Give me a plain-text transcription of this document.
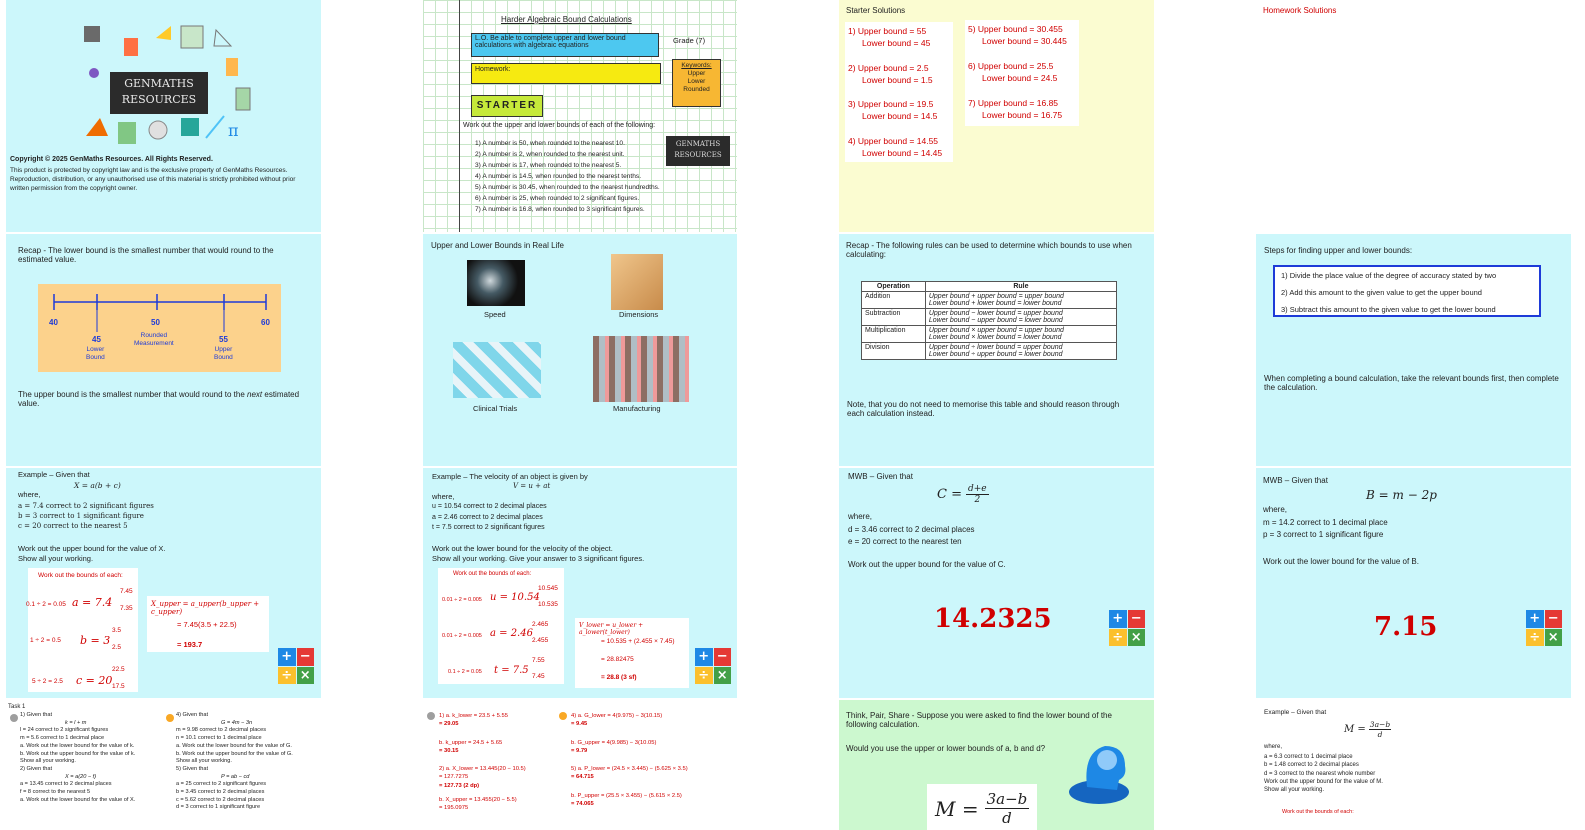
π
GENMATHS
RESOURCES
Copyright © 2025 GenMaths Resources. All Rights Reserved.
This product is protected by copyright law and is the exclusive property of GenMaths Resources. Reproduction, distribution, or any unauthorised use of this material is strictly prohibited without prior written permission from the copyright owner.
Harder Algebraic Bound Calculations
L.O. Be able to complete upper and lower bound calculations with algebraic equations
Grade (7)
Homework:
Keywords:
Upper
Lower
Rounded
STARTER
Work out the upper and lower bounds of each of the following:
1) A number is 50, when rounded to the nearest 10.
2) A number is 2, when rounded to the nearest unit.
3) A number is 17, when rounded to the nearest 5.
4) A number is 14.5, when rounded to the nearest tenths.
5) A number is 30.45, when rounded to the nearest hundredths.
6) A number is 25, when rounded to 2 significant figures.
7) A number is 16.8, when rounded to 3 significant figures.
GENMATHS
RESOURCES
Starter Solutions
1) Upper bound = 55
Lower bound = 45
2) Upper bound = 2.5
Lower bound = 1.5
3) Upper bound = 19.5
Lower bound = 14.5
4) Upper bound = 14.55
Lower bound = 14.45
5) Upper bound = 30.455
Lower bound = 30.445
6) Upper bound = 25.5
Lower bound = 24.5
7) Upper bound = 16.85
Lower bound = 16.75
Homework Solutions
Recap - The lower bound is the smallest number that would round to the estimated value.
40
45
Lower
Bound
50
Rounded
Measurement	55
Upper
Bound
60
The upper bound is the smallest number that would round to the next estimated value.
Upper and Lower Bounds in Real Life
Speed	Dimensions
Clinical Trials	Manufacturing
Recap - The following rules can be used to determine which bounds to use when calculating:
Operation	Rule
Addition	Upper bound + upper bound = upper bound
Lower bound + lower bound = lower bound

Subtraction	Upper bound − lower bound = upper bound
Lower bound − upper bound = lower bound

Multiplication	Upper bound × upper bound = upper bound
Lower bound × lower bound = lower bound

Division	Upper bound ÷ lower bound = upper bound
Lower bound ÷ upper bound = lower bound
Note, that you do not need to memorise this table and should reason through each calculation instead.
Steps for finding upper and lower bounds:
1) Divide the place value of the degree of accuracy stated by two
2) Add this amount to the given value to get the upper bound
3) Subtract this amount to the given value to get the lower bound
When completing a bound calculation, take the relevant bounds first, then complete the calculation.
Example – Given that
X = a(b + c)
where,
a = 7.4 correct to 2 significant figures
b = 3 correct to 1 significant figure
c = 20 correct to the nearest 5
Work out the upper bound for the value of X.
Show all your working.
Work out the bounds of each:
0.1 ÷ 2 = 0.05 a = 7.4
7.45
7.35
1 ÷ 2 = 0.5 b = 3
3.5
2.5
5 ÷ 2 = 2.5 c = 20
22.5
17.5
X_upper = a_upper(b_upper + c_upper)
= 7.45(3.5 + 22.5)
= 193.7
+ −
÷ ×
Example – The velocity of an object is given by
V = u + at
where,
u = 10.54 correct to 2 decimal places
a = 2.46 correct to 2 decimal places
t = 7.5 correct to 2 significant figures
Work out the lower bound for the velocity of the object.
Show all your working. Give your answer to 3 significant figures.
Work out the bounds of each:
0.01 ÷ 2 = 0.005 u = 10.54
10.545
10.535
0.01 ÷ 2 = 0.005 a = 2.46
2.465
2.455
0.1 ÷ 2 = 0.05 t = 7.5
7.55
7.45
V_lower = u_lower + a_lower(t_lower)
= 10.535 + (2.455 × 7.45)
= 28.82475
= 28.8 (3 sf)
+ −
÷ ×
MWB – Given that
$C = \frac{d+e}{2}$
where,
d = 3.46 correct to 2 decimal places
e = 20 correct to the nearest ten
Work out the upper bound for the value of C.
14.2325	+ −
÷ ×
MWB – Given that
B = m − 2p
where,
m = 14.2 correct to 1 decimal place
p = 3 correct to 1 significant figure
Work out the lower bound for the value of B.
7.15	+ −
÷ ×
Task 1
1) Given that
k = l + m
l = 24 correct to 2 significant figures
m = 5.6 correct to 1 decimal place
a. Work out the lower bound for the value of k.
b. Work out the upper bound for the value of k.
Show all your working.
2) Given that
X = a(20 − f)
a = 13.45 correct to 2 decimal places
f = 8 correct to the nearest 5
a. Work out the lower bound for the value of X.
4) Given that
G = 4m − 3n
m = 9.98 correct to 2 decimal places
n = 10.1 correct to 1 decimal place
a. Work out the lower bound for the value of G.
b. Work out the upper bound for the value of G.
Show all your working.
5) Given that
P = ab − cd
a = 25 correct to 2 significant figures
b = 3.45 correct to 2 decimal places
c = 5.62 correct to 2 decimal places
d = 3 correct to 1 significant figure
1) a. k_lower = 23.5 + 5.55
= 29.05
b. k_upper = 24.5 + 5.65
= 30.15
2) a. X_lower = 13.445(20 − 10.5)
= 127.7275
= 127.73 (2 dp)
b. X_upper = 13.455(20 − 5.5)
= 195.0975
4) a. G_lower = 4(9.975) − 3(10.15)
= 9.45
b. G_upper = 4(9.985) − 3(10.05)
= 9.79
5) a. P_lower = (24.5 × 3.445) − (5.625 × 3.5)
= 64.715
b. P_upper = (25.5 × 3.455) − (5.615 × 2.5)
= 74.065
Think, Pair, Share - Suppose you were asked to find the lower bound of the following calculation.
Would you use the upper or lower bounds of a, b and d?
$M = \frac{3a-b}{d}$
Example – Given that
$M = \frac{3a-b}{d}$
where,
a = 6.3 correct to 1 decimal place
b = 1.48 correct to 2 decimal places
d = 3 correct to the nearest whole number
Work out the upper bound for the value of M.
Show all your working.
Work out the bounds of each:
